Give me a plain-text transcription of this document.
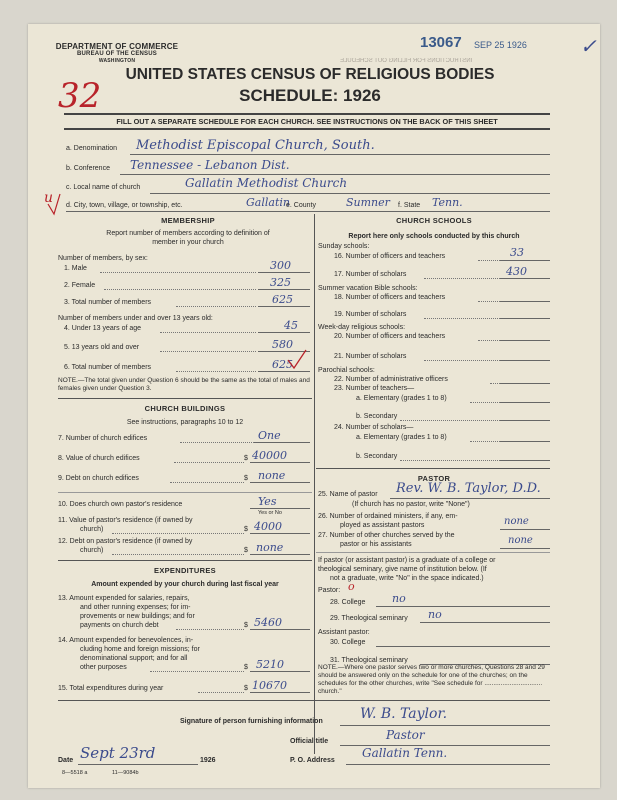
DEPARTMENT OF COMMERCE
BUREAU OF THE CENSUS
WASHINGTON
13067 SEP 25 1926	✓
INSTRUCTIONS FOR FILLING OUT SCHEDULE
UNITED STATES CENSUS OF RELIGIOUS BODIES
SCHEDULE: 1926
32
FILL OUT A SEPARATE SCHEDULE FOR EACH CHURCH. SEE INSTRUCTIONS ON THE BACK OF THIS SHEET
a. Denomination Methodist Episcopal Church, South.
b. Conference Tennessee - Lebanon Dist.
c. Local name of church	Gallatin Methodist Church
u d. City, town, village, or township, etc.	Gallatin
e. County	Sumner f. State Tenn.
MEMBERSHIP
Report number of members according to definition of
member in your church
Number of members, by sex:
1. Male	300
2. Female	325
3. Total number of members	625
Number of members under and over 13 years old:
4. Under 13 years of age	45
5. 13 years old and over	580
6. Total number of members	625
NOTE.—The total given under Question 6 should be the same as the total of males and females given under Question 3.
CHURCH BUILDINGS
See instructions, paragraphs 10 to 12
7. Number of church edifices	One
8. Value of church edifices	$ 40000
9. Debt on church edifices	$ none
10. Does church own pastor's residence	Yes
Yes or No
11. Value of pastor's residence (if owned by
church)	$ 4000
12. Debt on pastor's residence (if owned by
church)	$ none
EXPENDITURES
Amount expended by your church during last fiscal year
13. Amount expended for salaries, repairs,
and other running expenses; for im-
provements or new buildings; and for
payments on church debt	$ 5460
14. Amount expended for benevolences, in-
cluding home and foreign missions; for
denominational support; and for all
other purposes	$ 5210
15. Total expenditures during year	$ 10670
CHURCH SCHOOLS
Report here only schools conducted by this church
Sunday schools:
16. Number of officers and teachers	33
17. Number of scholars	430
Summer vacation Bible schools:
18. Number of officers and teachers
19. Number of scholars
Week-day religious schools:
20. Number of officers and teachers
21. Number of scholars
Parochial schools:
22. Number of administrative officers
23. Number of teachers—
a. Elementary (grades 1 to 8)
b. Secondary
24. Number of scholars—
a. Elementary (grades 1 to 8)
b. Secondary
PASTOR
25. Name of pastor Rev. W. B. Taylor, D.D.
(If church has no pastor, write "None")
26. Number of ordained ministers, if any, em-
ployed as assistant pastors	none
27. Number of other churches served by the
pastor or his assistants	none
If pastor (or assistant pastor) is a graduate of a college or
theological seminary, give name of institution below. (If
not a graduate, write "No" in the space indicated.)
Pastor: o
28. College no
29. Theological seminary no
Assistant pastor:
30. College
31. Theological seminary
NOTE.—Where one pastor serves two or more churches, Questions 28 and 29 should be answered only on the schedule for one of the churches; on the schedules for the other churches, write "See schedule for ................................ church."
Signature of person furnishing information	W. B. Taylor.
Official title	Pastor
Date Sept 23rd	1926	P. O. Address
Gallatin Tenn.
8—5518 a	11—9084b
